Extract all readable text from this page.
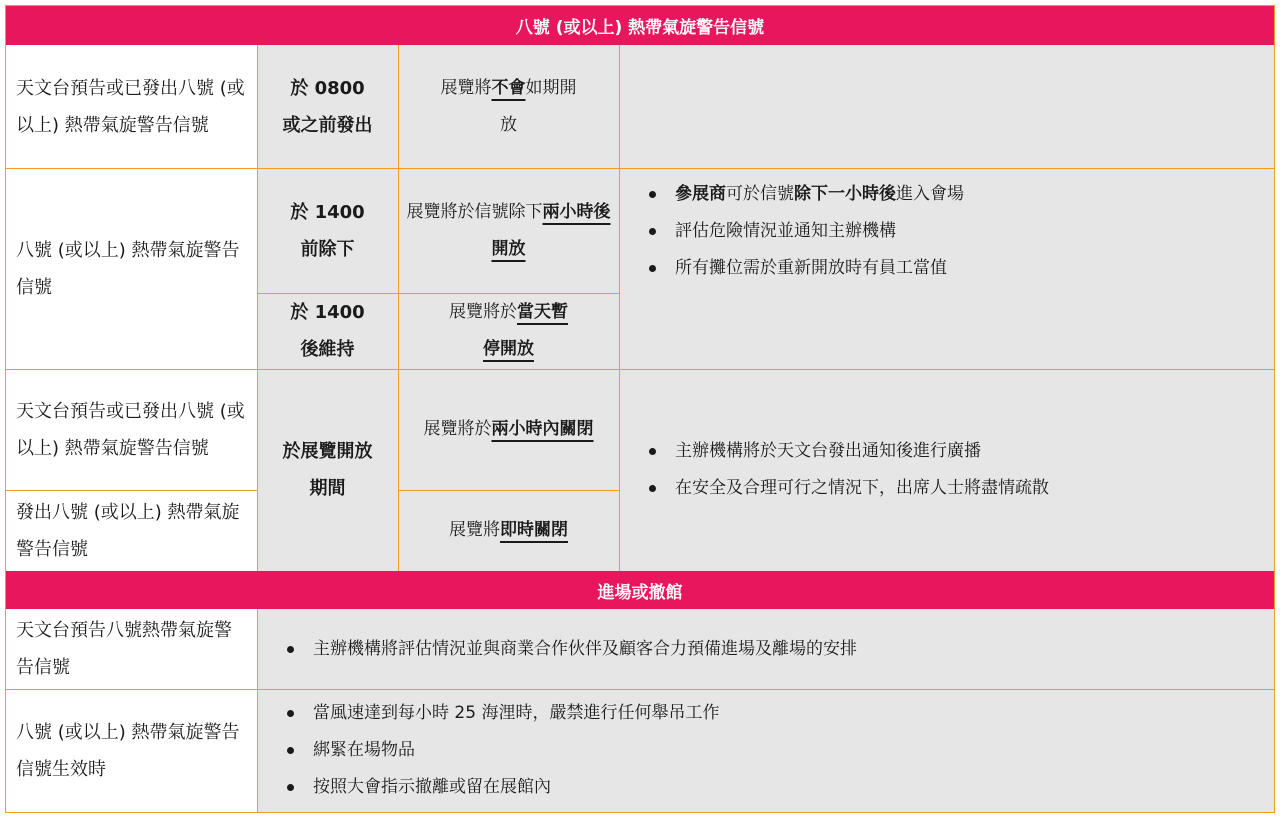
八號 (或以上) 熱帶氣旋警告信號
天文台預告或已發出八號 (或以上) 熱帶氣旋警告信號
於 0800 或之前發出
展覽將不會如期開放
八號 (或以上) 熱帶氣旋警告信號
於 1400 前除下
展覽將於信號除下兩小時後開放
參展商可於信號除下一小時後進入會場
評估危險情況並通知主辦機構
所有攤位需於重新開放時有員工當值
於 1400 後維持
展覽將於當天暫停開放
天文台預告或已發出八號 (或以上) 熱帶氣旋警告信號
發出八號 (或以上) 熱帶氣旋警告信號
於展覽開放期間
展覽將於兩小時內關閉
展覽將即時關閉
主辦機構將於天文台發出通知後進行廣播
在安全及合理可行之情況下，出席人士將盡情疏散
進場或撤館
天文台預告八號熱帶氣旋警告信號
主辦機構將評估情況並與商業合作伙伴及顧客合力預備進場及離場的安排
八號 (或以上) 熱帶氣旋警告信號生效時
當風速達到每小時 25 海浬時，嚴禁進行任何舉吊工作
綁緊在場物品
按照大會指示撤離或留在展館內
